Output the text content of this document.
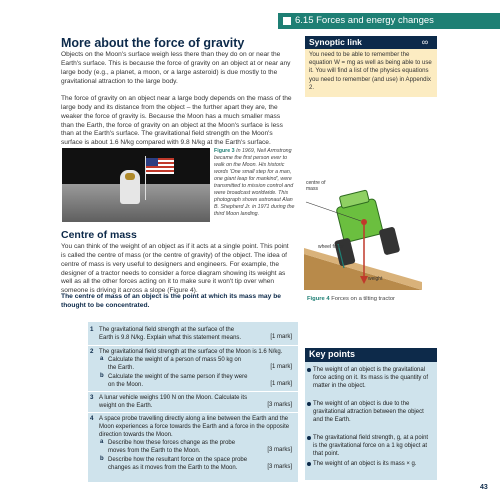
6.15 Forces and energy changes
More about the force of gravity
Objects on the Moon's surface weigh less there than they do on or near the Earth's surface. This is because the force of gravity on an object at or near any large body (e.g., a planet, a moon, or a large asteroid) is due mostly to the gravitational attraction to the large body.
The force of gravity on an object near a large body depends on the mass of the large body and its distance from the object – the further apart they are, the weaker the force of gravity is. Because the Moon has a much smaller mass than the Earth, the force of gravity on an object at the Moon's surface is less than at the Earth's surface. The gravitational field strength on the Moon's surface is about 1.6 N/kg compared with 9.8 N/kg at the Earth's surface.
Figure 3 In 1969, Neil Armstrong became the first person ever to walk on the Moon. His historic words 'One small step for a man, one giant leap for mankind', were transmitted to mission control and were broadcast worldwide. This photograph shows astronaut Alan B. Shepherd Jr. in 1971 during the third Moon landing.
centre of mass
wheel force
weight
Figure 4 Forces on a tilting tractor
Centre of mass
You can think of the weight of an object as if it acts at a single point. This point is called the centre of mass (or the centre of gravity) of the object. The idea of centre of mass is very useful to designers and engineers. For example, the designer of a tractor needs to consider a force diagram showing its weight as well as all the other forces acting on it to make sure it won't tip over when someone is driving it across a slope (Figure 4).
The centre of mass of an object is the point at which its mass may be thought to be concentrated.
1 The gravitational field strength at the surface of the Earth is 9.8 N/kg. Explain what this statement means.	[1 mark]
2 The gravitational field strength at the surface of the Moon is 1.6 N/kg.
a Calculate the weight of a person of mass 50 kg on the Earth.	[1 mark]
b Calculate the weight of the same person if they were on the Moon.	[1 mark]
3 A lunar vehicle weighs 190 N on the Moon. Calculate its weight on the Earth.	[3 marks]
4 A space probe travelling directly along a line between the Earth and the Moon experiences a force towards the Earth and a force in the opposite direction towards the Moon.
a Describe how these forces change as the probe moves from the Earth to the Moon.	[3 marks]
b Describe how the resultant force on the space probe changes as it moves from the Earth to the Moon.	[3 marks]
Synoptic link	∞
You need to be able to remember the equation W = mg as well as being able to use it. You will find a list of the physics equations you need to remember (and use) in Appendix 2.
Key points
The weight of an object is the gravitational force acting on it. Its mass is the quantity of matter in the object.
The weight of an object is due to the gravitational attraction between the object and the Earth.
The gravitational field strength, g, at a point is the gravitational force on a 1 kg object at that point.
The weight of an object is its mass × g.
43
